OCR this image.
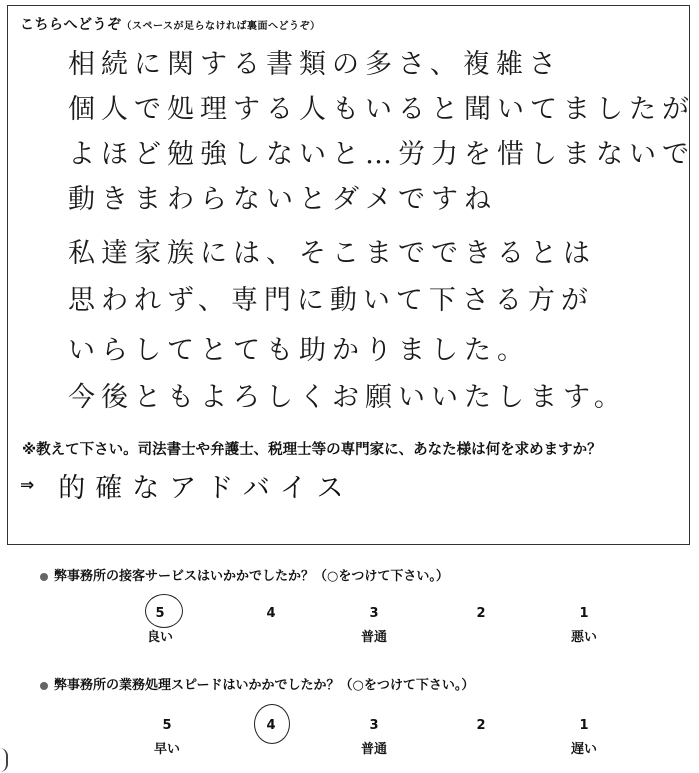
こちらへどうぞ（スペースが足らなければ裏面へどうぞ）
相続に関する書類の多さ、複雑さ
個人で処理する人もいると聞いてましたが
よほど勉強しないと…労力を惜しまないで
動きまわらないとダメですね
私達家族には、そこまでできるとは
思われず、専門に動いて下さる方が
いらしてとても助かりました。
今後ともよろしくお願いいたします。
※教えて下さい。司法書士や弁護士、税理士等の専門家に、あなた様は何を求めますか？
⇒ 的確なアドバイス
弊事務所の接客サービスはいかかでしたか？（○をつけて下さい。）
5
良い
4	3
普通
2	1
悪い
弊事務所の業務処理スピードはいかかでしたか？（○をつけて下さい。）
5
早い
4	3
普通
2	1
遅い
